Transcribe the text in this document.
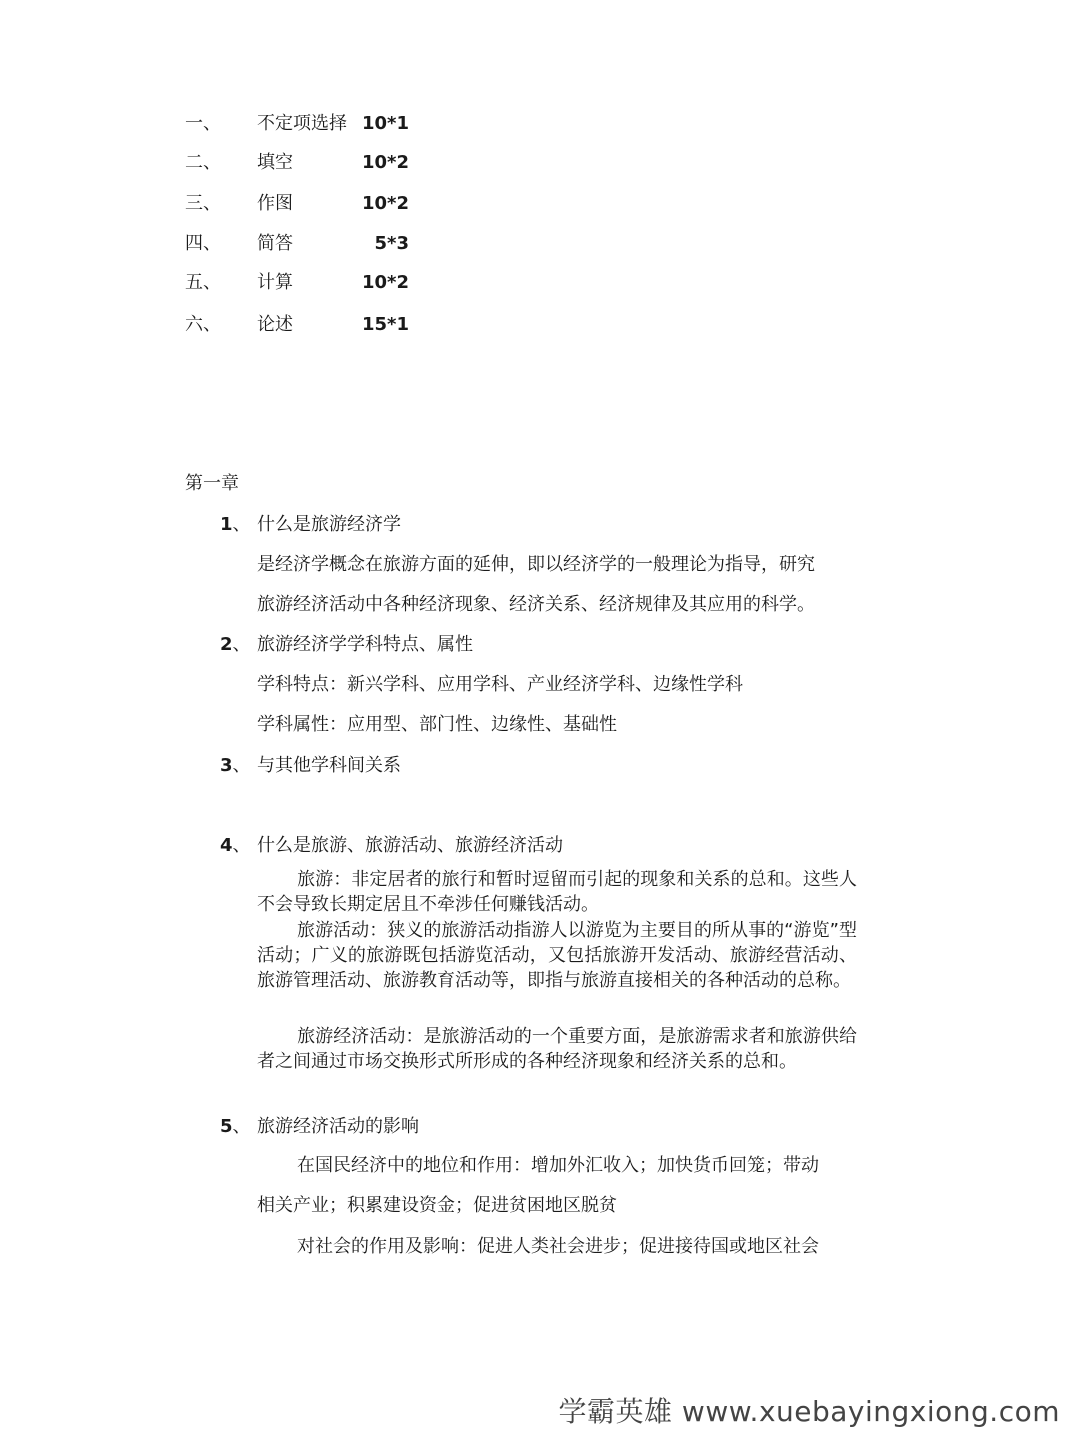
一、 不定项选择 10*1
二、 填空	10*2
三、 作图	10*2
四、 简答	5*3
五、 计算	10*2
六、 论述	15*1
第一章
1、 什么是旅游经济学
是经济学概念在旅游方面的延伸，即以经济学的一般理论为指导，研究
旅游经济活动中各种经济现象、经济关系、经济规律及其应用的科学。
2、 旅游经济学学科特点、属性
学科特点：新兴学科、应用学科、产业经济学科、边缘性学科
学科属性：应用型、部门性、边缘性、基础性
3、 与其他学科间关系
4、 什么是旅游、旅游活动、旅游经济活动
旅游：非定居者的旅行和暂时逗留而引起的现象和关系的总和。这些人不会导致长期定居且不牵涉任何赚钱活动。
旅游活动：狭义的旅游活动指游人以游览为主要目的所从事的“游览”型活动；广义的旅游既包括游览活动，又包括旅游开发活动、旅游经营活动、旅游管理活动、旅游教育活动等，即指与旅游直接相关的各种活动的总称。
旅游经济活动：是旅游活动的一个重要方面，是旅游需求者和旅游供给者之间通过市场交换形式所形成的各种经济现象和经济关系的总和。
5、 旅游经济活动的影响
在国民经济中的地位和作用：增加外汇收入；加快货币回笼；带动
相关产业；积累建设资金；促进贫困地区脱贫
对社会的作用及影响：促进人类社会进步；促进接待国或地区社会
学霸英雄 www.xuebayingxiong.com
